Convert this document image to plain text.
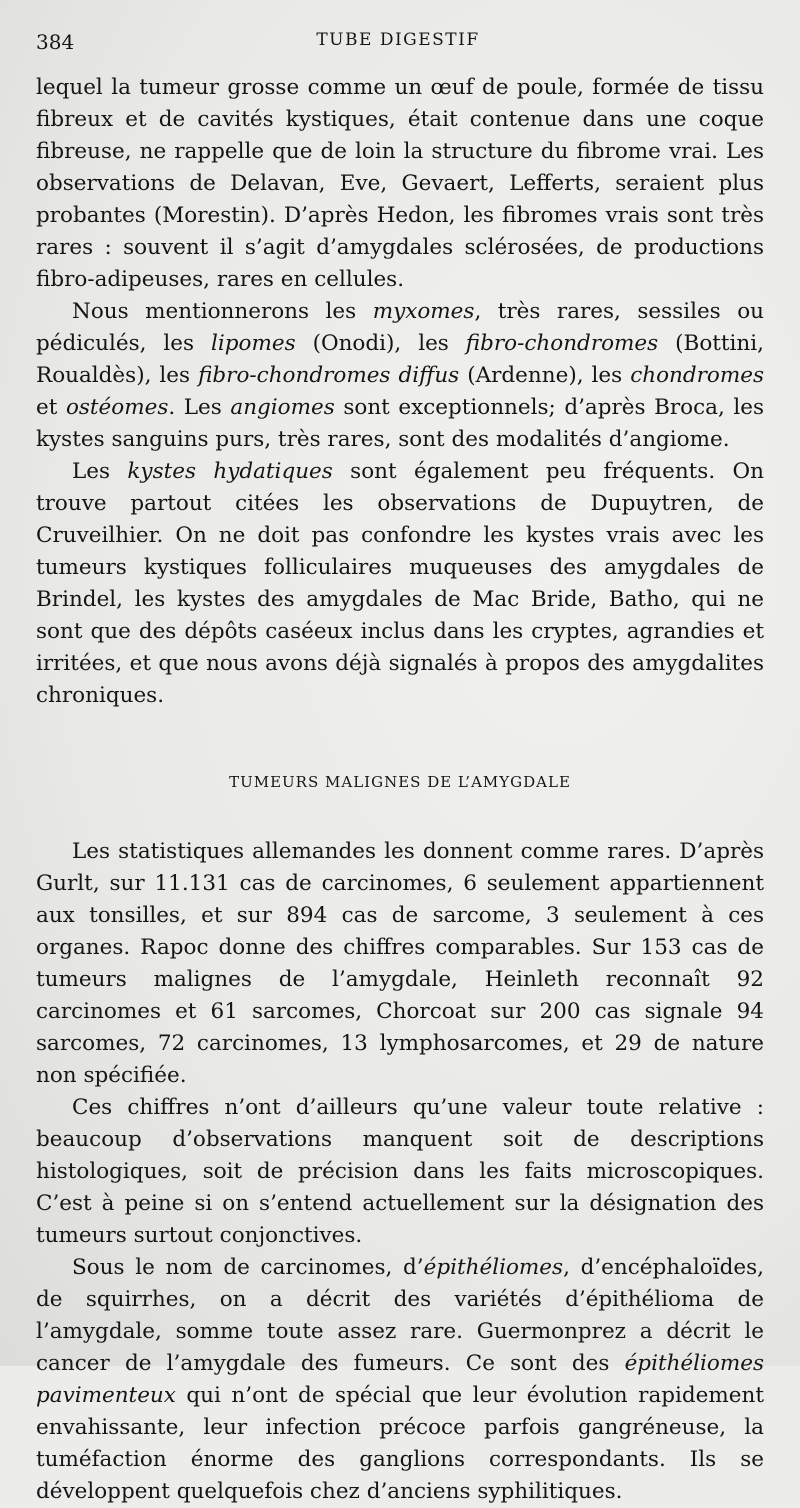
384	TUBE DIGESTIF

lequel la tumeur grosse comme un œuf de poule, formée de tissu fibreux et de cavités kystiques, était contenue dans une coque fibreuse, ne rappelle que de loin la structure du fibrome vrai. Les observations de Delavan, Eve, Gevaert, Lefferts, seraient plus probantes (Morestin). D’après Hedon, les fibromes vrais sont très rares : souvent il s’agit d’amygdales sclérosées, de productions fibro-adipeuses, rares en cellules.

Nous mentionnerons les myxomes, très rares, sessiles ou pédiculés, les lipomes (Onodi), les fibro-chondromes (Bottini, Roualdès), les fibro-chondromes diffus (Ardenne), les chondromes et ostéomes. Les angiomes sont exceptionnels; d’après Broca, les kystes sanguins purs, très rares, sont des modalités d’angiome.

Les kystes hydatiques sont également peu fréquents. On trouve partout citées les observations de Dupuytren, de Cruveilhier. On ne doit pas confondre les kystes vrais avec les tumeurs kystiques folliculaires muqueuses des amygdales de Brindel, les kystes des amygdales de Mac Bride, Batho, qui ne sont que des dépôts caséeux inclus dans les cryptes, agrandies et irritées, et que nous avons déjà signalés à propos des amygdalites chroniques.

TUMEURS MALIGNES DE L’AMYGDALE

Les statistiques allemandes les donnent comme rares. D’après Gurlt, sur 11.131 cas de carcinomes, 6 seulement appartiennent aux tonsilles, et sur 894 cas de sarcome, 3 seulement à ces organes. Rapoc donne des chiffres comparables. Sur 153 cas de tumeurs malignes de l’amygdale, Heinleth reconnaît 92 carcinomes et 61 sarcomes, Chorcoat sur 200 cas signale 94 sarcomes, 72 carcinomes, 13 lymphosarcomes, et 29 de nature non spécifiée.

Ces chiffres n’ont d’ailleurs qu’une valeur toute relative : beaucoup d’observations manquent soit de descriptions histologiques, soit de précision dans les faits microscopiques. C’est à peine si on s’entend actuellement sur la désignation des tumeurs surtout conjonctives.

Sous le nom de carcinomes, d’épithéliomes, d’encéphaloïdes, de squirrhes, on a décrit des variétés d’épithélioma de l’amygdale, somme toute assez rare. Guermonprez a décrit le cancer de l’amygdale des fumeurs. Ce sont des épithéliomes pavimenteux qui n’ont de spécial que leur évolution rapidement envahissante, leur infection précoce parfois gangréneuse, la tuméfaction énorme des ganglions correspondants. Ils se développent quelquefois chez d’anciens syphilitiques.
